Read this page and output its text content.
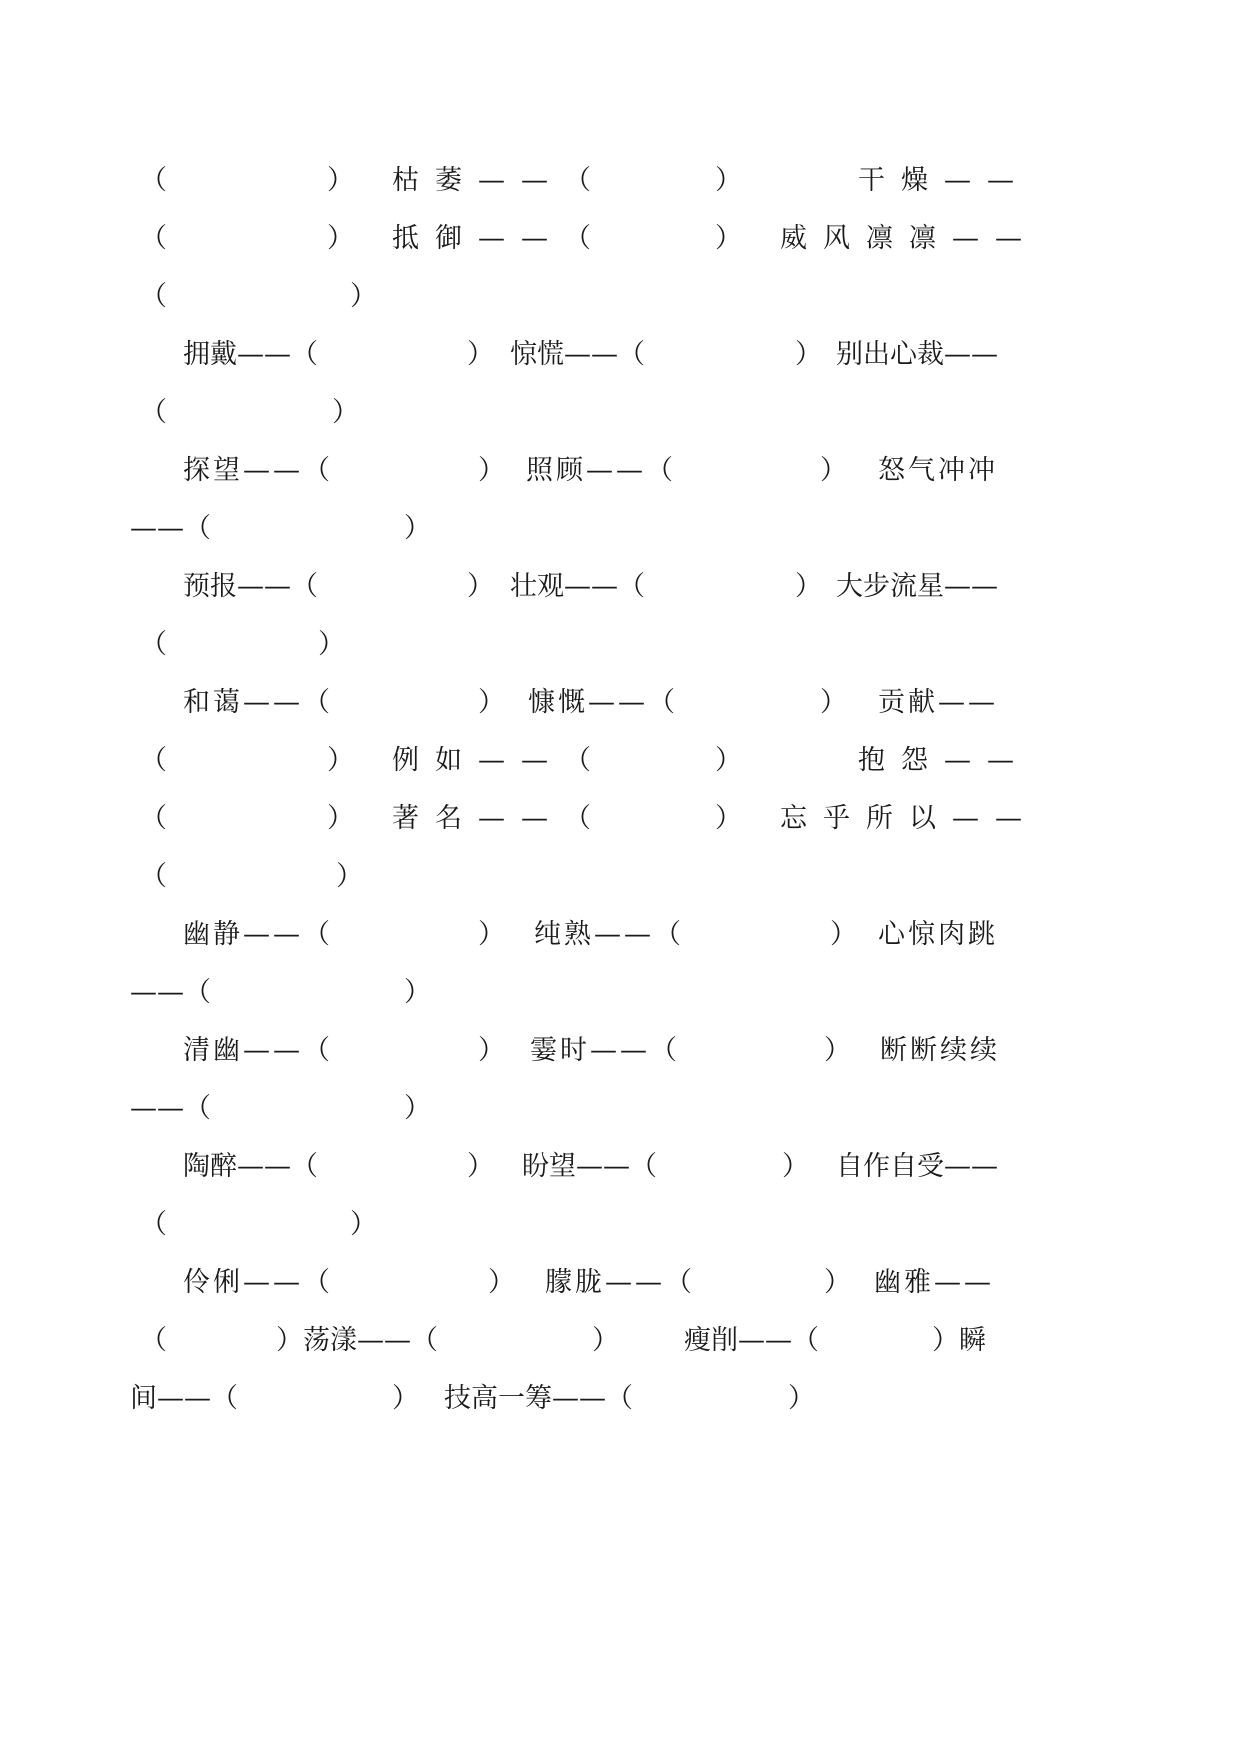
（	） 枯萎——（	）	干燥——
（	） 抵御——（	） 威风凛凛——
（	）
拥戴——（	） 惊慌——（	） 别出心裁——
（	）
探望——（	） 照顾——（	） 怒气冲冲
——（	）
预报——（	） 壮观——（	） 大步流星——
（	）
和蔼——（	） 慷慨——（	） 贡献——
（	） 例如——（	）	抱怨——
（	） 著名——（	） 忘乎所以——
（	）
幽静——（	） 纯熟——（	） 心惊肉跳
——（	）
清幽——（	） 霎时——（	） 断断续续
——（	）
陶醉——（	） 盼望——（	） 自作自受——
（	）
伶俐——（	） 朦胧——（	） 幽雅——
（	）荡漾——（	） 瘦削——（	）瞬
间——（	） 技高一筹——（	）
